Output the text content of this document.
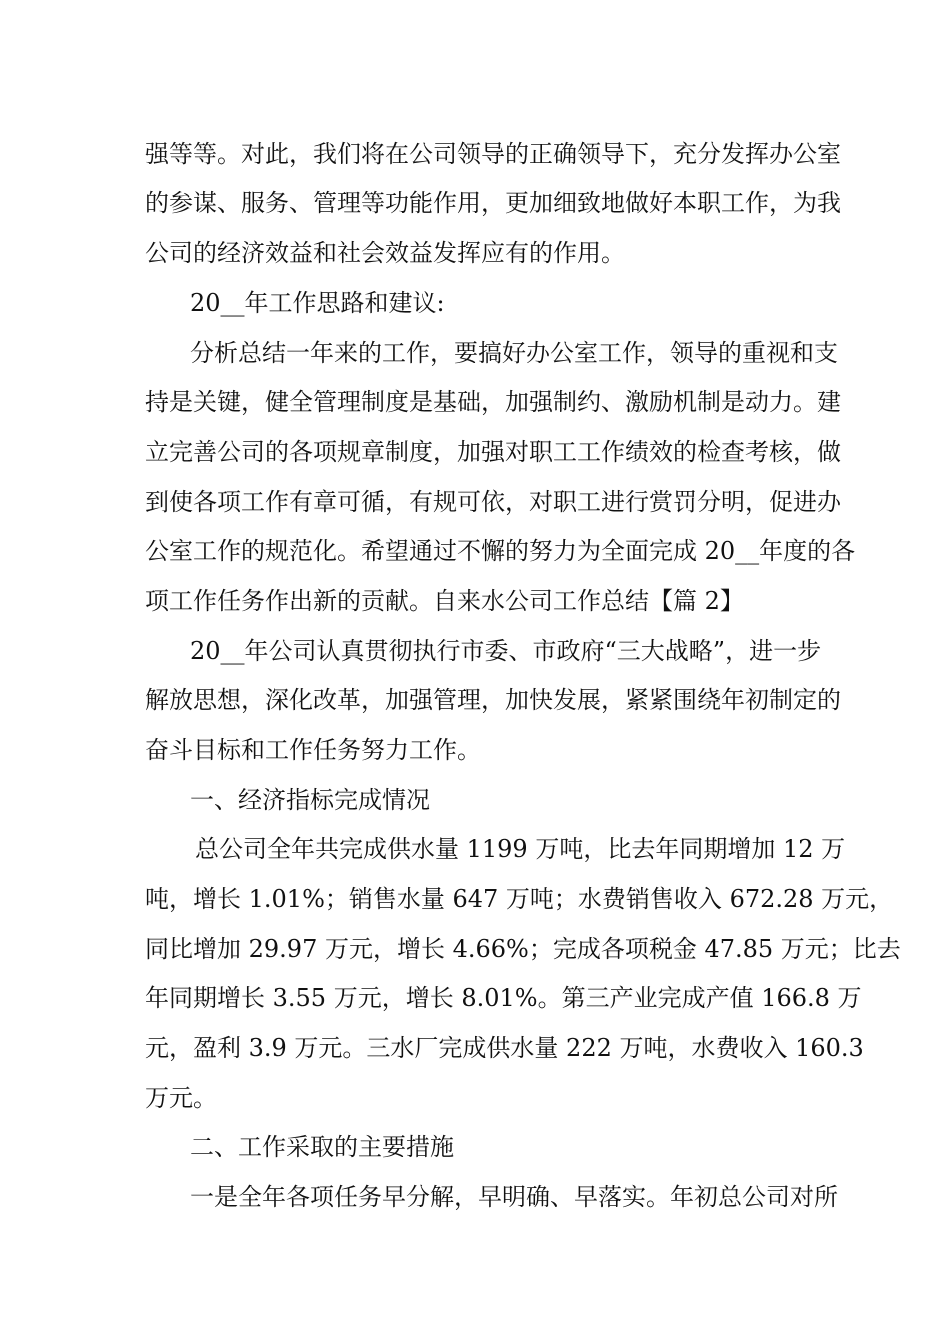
强等等。对此，我们将在公司领导的正确领导下，充分发挥办公室
的参谋、服务、管理等功能作用，更加细致地做好本职工作，为我
公司的经济效益和社会效益发挥应有的作用。
20__年工作思路和建议:
分析总结一年来的工作，要搞好办公室工作，领导的重视和支
持是关键，健全管理制度是基础，加强制约、激励机制是动力。建
立完善公司的各项规章制度，加强对职工工作绩效的检查考核，做
到使各项工作有章可循，有规可依，对职工进行赏罚分明，促进办
公室工作的规范化。希望通过不懈的努力为全面完成 20__年度的各
项工作任务作出新的贡献。自来水公司工作总结【篇 2】
20__年公司认真贯彻执行市委、市政府“三大战略”，进一步
解放思想，深化改革，加强管理，加快发展，紧紧围绕年初制定的
奋斗目标和工作任务努力工作。
一、经济指标完成情况
总公司全年共完成供水量 1199 万吨，比去年同期增加 12 万
吨，增长 1.01%；销售水量 647 万吨；水费销售收入 672.28 万元，
同比增加 29.97 万元，增长 4.66%；完成各项税金 47.85 万元；比去
年同期增长 3.55 万元，增长 8.01%。第三产业完成产值 166.8 万
元，盈利 3.9 万元。三水厂完成供水量 222 万吨，水费收入 160.3
万元。
二、工作采取的主要措施
一是全年各项任务早分解，早明确、早落实。年初总公司对所
